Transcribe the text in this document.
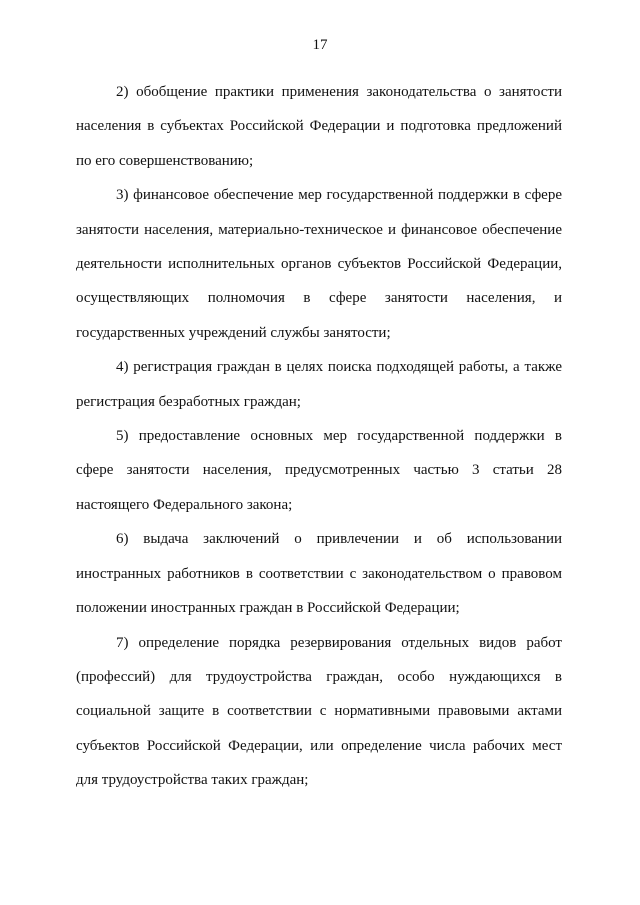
17

2) обобщение практики применения законодательства о занятости населения в субъектах Российской Федерации и подготовка предложений по его совершенствованию;

3) финансовое обеспечение мер государственной поддержки в сфере занятости населения, материально-техническое и финансовое обеспечение деятельности исполнительных органов субъектов Российской Федерации, осуществляющих полномочия в сфере занятости населения, и государственных учреждений службы занятости;

4) регистрация граждан в целях поиска подходящей работы, а также регистрация безработных граждан;

5) предоставление основных мер государственной поддержки в сфере занятости населения, предусмотренных частью 3 статьи 28 настоящего Федерального закона;

6) выдача заключений о привлечении и об использовании иностранных работников в соответствии с законодательством о правовом положении иностранных граждан в Российской Федерации;

7) определение порядка резервирования отдельных видов работ (профессий) для трудоустройства граждан, особо нуждающихся в социальной защите в соответствии с нормативными правовыми актами субъектов Российской Федерации, или определение числа рабочих мест для трудоустройства таких граждан;
